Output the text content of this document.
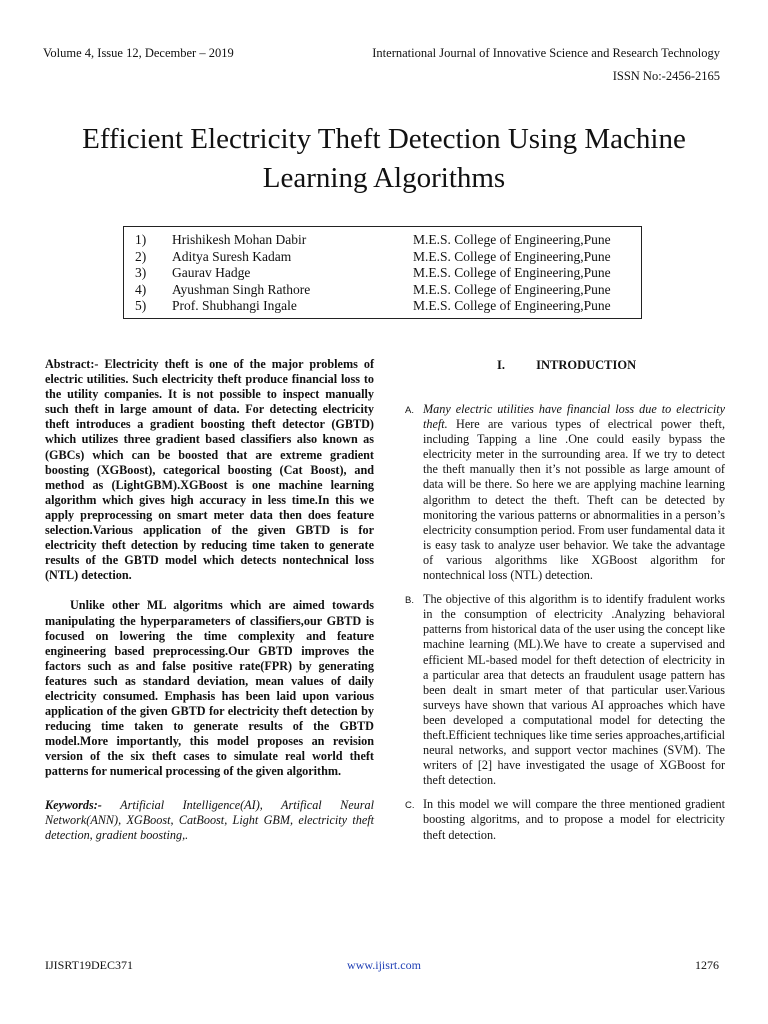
Volume 4, Issue 12, December – 2019	International Journal of Innovative Science and Research Technology
ISSN No:-2456-2165
Efficient Electricity Theft Detection Using Machine
Learning Algorithms
1) Hrishikesh Mohan Dabir	M.E.S. College of Engineering,Pune
2) Aditya Suresh Kadam	M.E.S. College of Engineering,Pune
3) Gaurav Hadge	M.E.S. College of Engineering,Pune
4) Ayushman Singh Rathore	M.E.S. College of Engineering,Pune
5) Prof. Shubhangi Ingale	M.E.S. College of Engineering,Pune

Abstract:- Electricity theft is one of the major problems of electric utilities. Such electricity theft produce financial loss to the utility companies. It is not possible to inspect manually such theft in large amount of data. For detecting electricity theft introduces a gradient boosting theft detector (GBTD) which utilizes three gradient based classifiers also known as (GBCs) which can be boosted that are extreme gradient boosting (XGBoost), categorical boosting (Cat Boost), and method as (LightGBM).XGBoost is one machine learning algorithm which gives high accuracy in less time.In this we apply preprocessing on smart meter data then does feature selection.Various application of the given GBTD is for electricity theft detection by reducing time taken to generate results of the GBTD model which detects nontechnical loss (NTL) detection.

Unlike other ML algoritms which are aimed towards manipulating the hyperparameters of classifiers,our GBTD is focused on lowering the time complexity and feature engineering based preprocessing.Our GBTD improves the factors such as and false positive rate(FPR) by generating features such as standard deviation, mean values of daily electricity consumed. Emphasis has been laid upon various application of the given GBTD for electricity theft detection by reducing time taken to generate results of the GBTD model.More importantly, this model proposes an revision version of the six theft cases to simulate real world theft patterns for numerical processing of the given algorithm.

Keywords:- Artificial Intelligence(AI), Artifical Neural Network(ANN), XGBoost, CatBoost, Light GBM, electricity theft detection, gradient boosting,.

I. INTRODUCTION
A. Many electric utilities have financial loss due to electricity theft. Here are various types of electrical power theft, including Tapping a line .One could easily bypass the electricity meter in the surrounding area. If we try to detect the theft manually then it’s not possible as large amount of data will be there. So here we are applying machine learning algorithm to detect the theft. Theft can be detected by monitoring the various patterns or abnormalities in a person’s electricity consumption period. From user fundamental data it is easy task to analyze user behavior. We take the advantage of various algorithms like XGBoost algorithm for nontechnical loss (NTL) detection.
B. The objective of this algorithm is to identify fradulent works in the consumption of electricity .Analyzing behavioral patterns from historical data of the user using the concept like machine learning (ML).We have to create a supervised and efficient ML-based model for theft detection of electricity in a particular area that detects an fraudulent usage pattern has been dealt in smart meter of that particular user.Various surveys have shown that various AI approaches which have been developed a computational model for detecting the theft.Efficient techniques like time series approaches,artificial neural networks, and support vector machines (SVM). The writers of [2] have investigated the usage of XGBoost for theft detection.
C. In this model we will compare the three mentioned gradient boosting algoritms, and to propose a model for electricity theft detection.
IJISRT19DEC371	www.ijisrt.com	1276
